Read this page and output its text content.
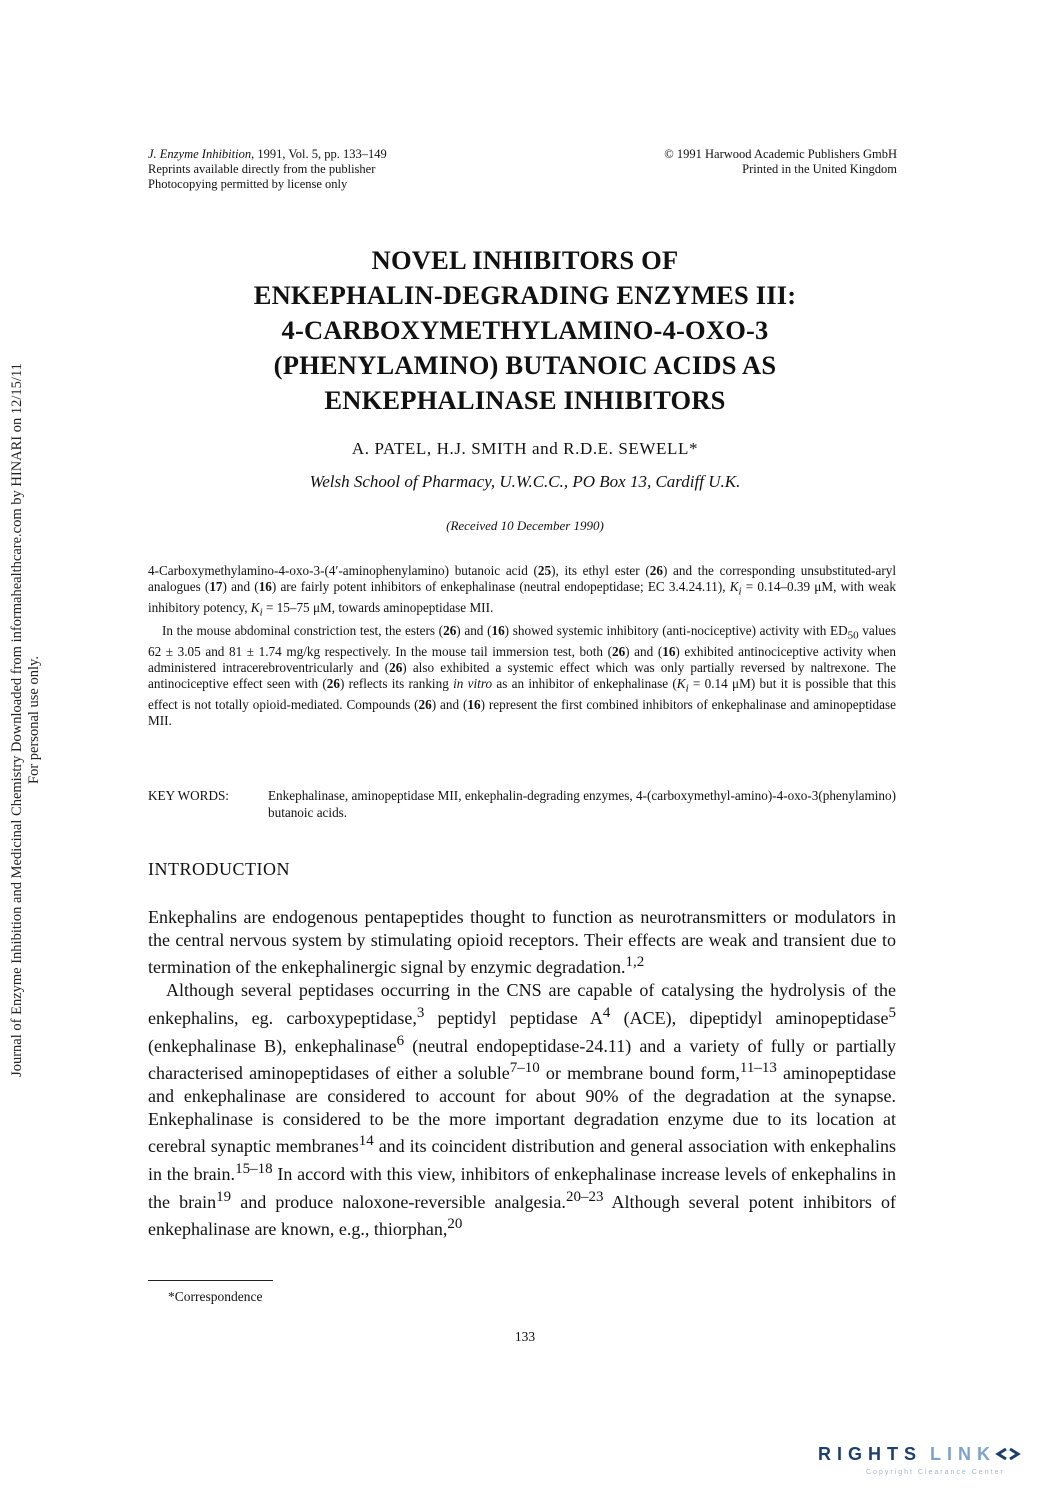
Journal of Enzyme Inhibition and Medicinal Chemistry Downloaded from informahealthcare.com by HINARI on 12/15/11 For personal use only.
J. Enzyme Inhibition, 1991, Vol. 5, pp. 133–149
Reprints available directly from the publisher
Photocopying permitted by license only
© 1991 Harwood Academic Publishers GmbH
Printed in the United Kingdom
NOVEL INHIBITORS OF
ENKEPHALIN-DEGRADING ENZYMES III:
4-CARBOXYMETHYLAMINO-4-OXO-3
(PHENYLAMINO) BUTANOIC ACIDS AS
ENKEPHALINASE INHIBITORS
A. PATEL, H.J. SMITH and R.D.E. SEWELL*
Welsh School of Pharmacy, U.W.C.C., PO Box 13, Cardiff U.K.
(Received 10 December 1990)

4-Carboxymethylamino-4-oxo-3-(4′-aminophenylamino) butanoic acid (25), its ethyl ester (26) and the corresponding unsubstituted-aryl analogues (17) and (16) are fairly potent inhibitors of enkephalinase (neutral endopeptidase; EC 3.4.24.11), $K_i = 0.14-0.39$ μM, with weak inhibitory potency, $K_i = 15-75$ μM, towards aminopeptidase MII.

In the mouse abdominal constriction test, the esters (26) and (16) showed systemic inhibitory (anti-nociceptive) activity with $ED_{50}$ values 62 ± 3.05 and 81 ± 1.74 mg/kg respectively. In the mouse tail immersion test, both (26) and (16) exhibited antinociceptive activity when administered intracerebroventricularly and (26) also exhibited a systemic effect which was only partially reversed by naltrexone. The antinociceptive effect seen with (26) reflects its ranking in vitro as an inhibitor of enkephalinase ($K_i = 0.14$ μM) but it is possible that this effect is not totally opioid-mediated. Compounds (26) and (16) represent the first combined inhibitors of enkephalinase and aminopeptidase MII.

KEY WORDS:	Enkephalinase, aminopeptidase MII, enkephalin-degrading enzymes, 4-(carboxymethyl-amino)-4-oxo-3(phenylamino) butanoic acids.
INTRODUCTION

Enkephalins are endogenous pentapeptides thought to function as neurotransmitters or modulators in the central nervous system by stimulating opioid receptors. Their effects are weak and transient due to termination of the enkephalinergic signal by enzymic degradation.$^{1,2}$

Although several peptidases occurring in the CNS are capable of catalysing the hydrolysis of the enkephalins, eg. carboxypeptidase,$^3$ peptidyl peptidase $A^4$ (ACE), dipeptidyl aminopeptidase$^5$ (enkephalinase B), enkephalinase$^6$ (neutral endopeptidase-24.11) and a variety of fully or partially characterised aminopeptidases of either a soluble$^{7-10}$ or membrane bound form,$^{11-13}$ aminopeptidase and enkephalinase are considered to account for about 90% of the degradation at the synapse. Enkephalinase is considered to be the more important degradation enzyme due to its location at cerebral synaptic membranes$^{14}$ and its coincident distribution and general association with enkephalins in the brain.$^{15-18}$ In accord with this view, inhibitors of enkephalinase increase levels of enkephalins in the brain$^{19}$ and produce naloxone-reversible analgesia.$^{20-23}$ Although several potent inhibitors of enkephalinase are known, e.g., thiorphan,$^{20}$

*Correspondence
133
RIGHTS LINK
Copyright Clearance Center
